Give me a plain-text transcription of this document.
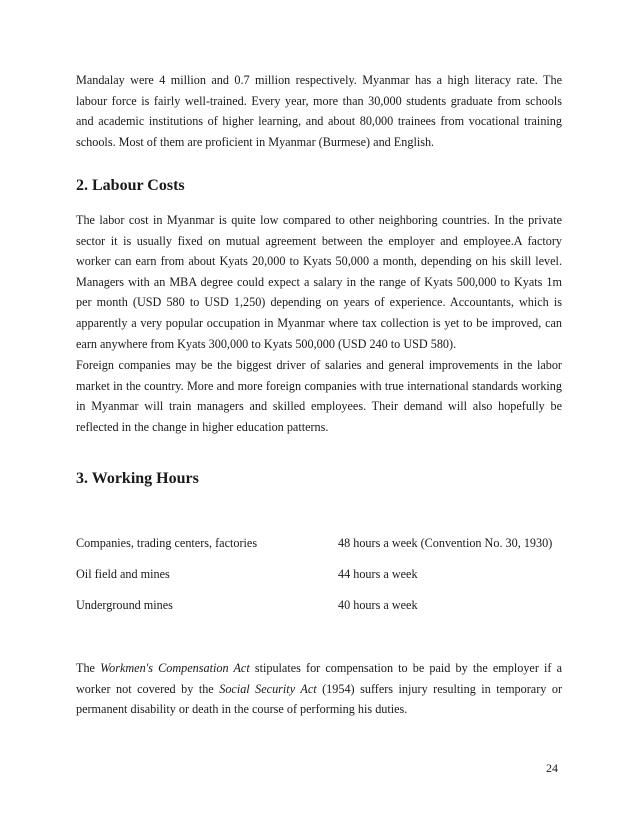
Mandalay were 4 million and 0.7 million respectively. Myanmar has a high literacy rate. The labour force is fairly well-trained. Every year, more than 30,000 students graduate from schools and academic institutions of higher learning, and about 80,000 trainees from vocational training schools. Most of them are proficient in Myanmar (Burmese) and English.

2. Labour Costs

The labor cost in Myanmar is quite low compared to other neighboring countries. In the private sector it is usually fixed on mutual agreement between the employer and employee.A factory worker can earn from about Kyats 20,000 to Kyats 50,000 a month, depending on his skill level. Managers with an MBA degree could expect a salary in the range of Kyats 500,000 to Kyats 1m per month (USD 580 to USD 1,250) depending on years of experience. Accountants, which is apparently a very popular occupation in Myanmar where tax collection is yet to be improved, can earn anywhere from Kyats 300,000 to Kyats 500,000 (USD 240 to USD 580).

Foreign companies may be the biggest driver of salaries and general improvements in the labor market in the country. More and more foreign companies with true international standards working in Myanmar will train managers and skilled employees. Their demand will also hopefully be reflected in the change in higher education patterns.

3. Working Hours
Companies, trading centers, factories	48 hours a week (Convention No. 30, 1930)
Oil field and mines	44 hours a week
Underground mines	40 hours a week

The Workmen's Compensation Act stipulates for compensation to be paid by the employer if a worker not covered by the Social Security Act (1954) suffers injury resulting in temporary or permanent disability or death in the course of performing his duties.

24
